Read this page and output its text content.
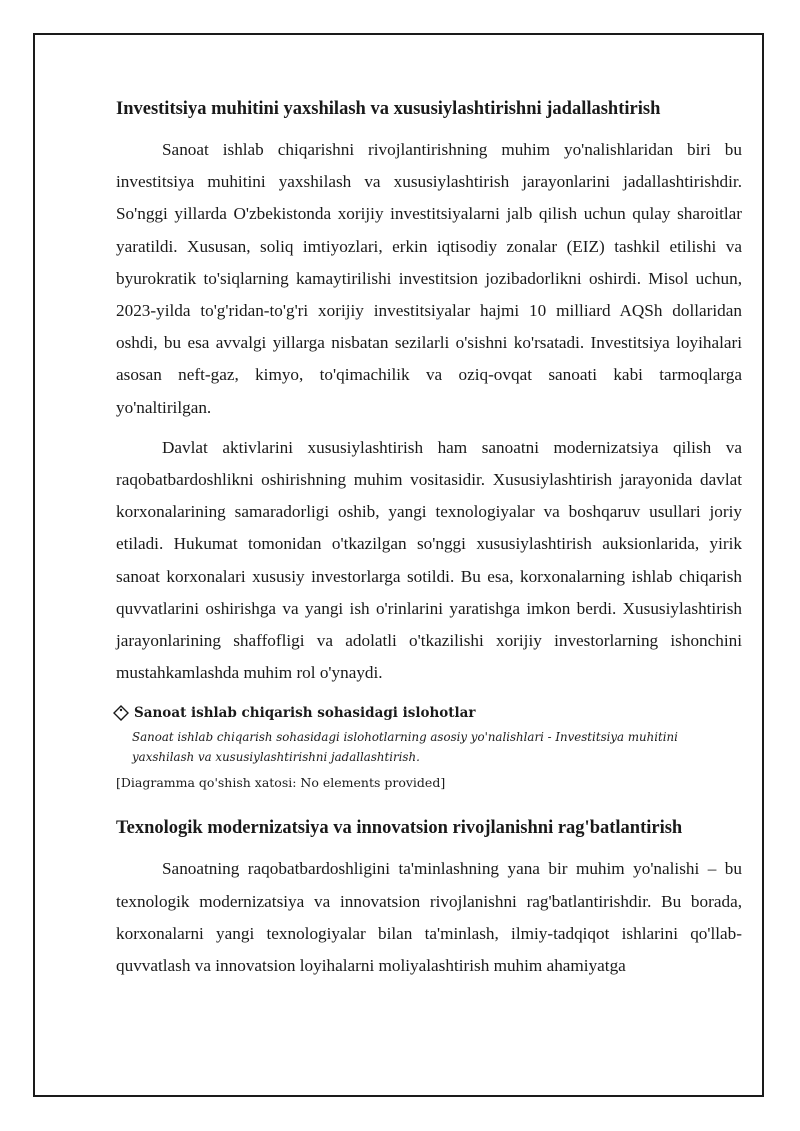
Investitsiya muhitini yaxshilash va xususiylashtirishni jadallashtirish

Sanoat ishlab chiqarishni rivojlantirishning muhim yo'nalishlaridan biri bu investitsiya muhitini yaxshilash va xususiylashtirish jarayonlarini jadallashtirishdir. So'nggi yillarda O'zbekistonda xorijiy investitsiyalarni jalb qilish uchun qulay sharoitlar yaratildi. Xususan, soliq imtiyozlari, erkin iqtisodiy zonalar (EIZ) tashkil etilishi va byurokratik to'siqlarning kamaytirilishi investitsion jozibadorlikni oshirdi. Misol uchun, 2023-yilda to'g'ridan-to'g'ri xorijiy investitsiyalar hajmi 10 milliard AQSh dollaridan oshdi, bu esa avvalgi yillarga nisbatan sezilarli o'sishni ko'rsatadi. Investitsiya loyihalari asosan neft-gaz, kimyo, to'qimachilik va oziq-ovqat sanoati kabi tarmoqlarga yo'naltirilgan.

Davlat aktivlarini xususiylashtirish ham sanoatni modernizatsiya qilish va raqobatbardoshlikni oshirishning muhim vositasidir. Xususiylashtirish jarayonida davlat korxonalarining samaradorligi oshib, yangi texnologiyalar va boshqaruv usullari joriy etiladi. Hukumat tomonidan o'tkazilgan so'nggi xususiylashtirish auksionlarida, yirik sanoat korxonalari xususiy investorlarga sotildi. Bu esa, korxonalarning ishlab chiqarish quvvatlarini oshirishga va yangi ish o'rinlarini yaratishga imkon berdi. Xususiylashtirish jarayonlarining shaffofligi va adolatli o'tkazilishi xorijiy investorlarning ishonchini mustahkamlashda muhim rol o'ynaydi.

Sanoat ishlab chiqarish sohasidagi islohotlar
Sanoat ishlab chiqarish sohasidagi islohotlarning asosiy yo'nalishlari - Investitsiya muhitini yaxshilash va xususiylashtirishni jadallashtirish.
[Diagramma qo'shish xatosi: No elements provided]
Texnologik modernizatsiya va innovatsion rivojlanishni rag'batlantirish

Sanoatning raqobatbardoshligini ta'minlashning yana bir muhim yo'nalishi – bu texnologik modernizatsiya va innovatsion rivojlanishni rag'batlantirishdir. Bu borada, korxonalarni yangi texnologiyalar bilan ta'minlash, ilmiy-tadqiqot ishlarini qo'llab-quvvatlash va innovatsion loyihalarni moliyalashtirish muhim ahamiyatga
